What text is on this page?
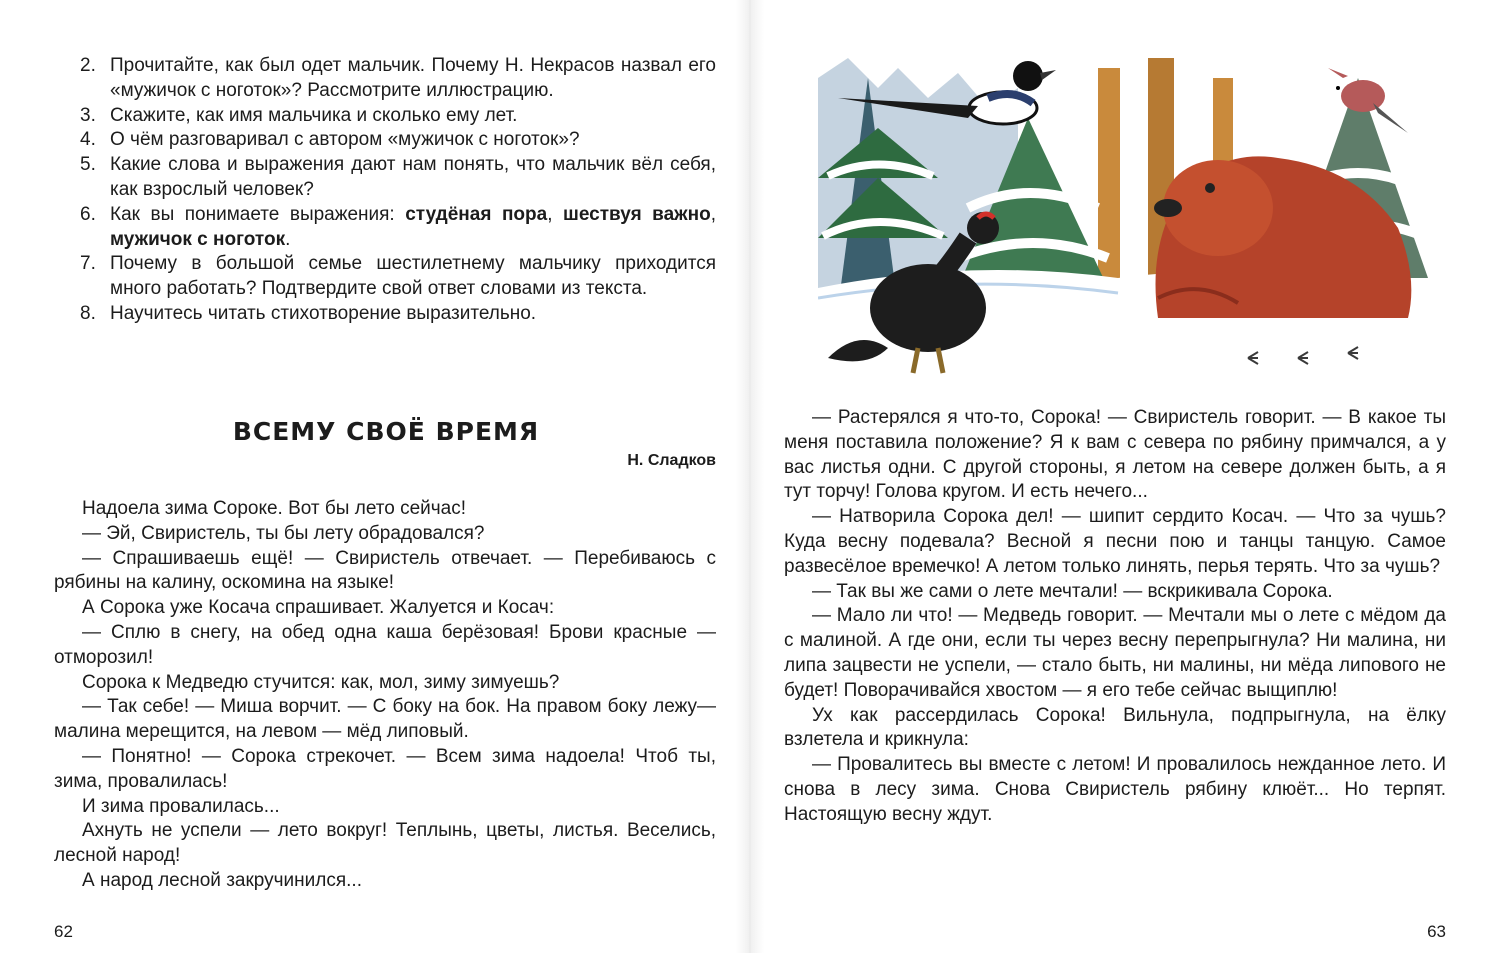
2. Прочитайте, как был одет мальчик. Почему Н. Некрасов назвал его «мужичок с ноготок»? Рассмотрите иллюстрацию.
3. Скажите, как имя мальчика и сколько ему лет.
4. О чём разговаривал с автором «мужичок с ноготок»?
5. Какие слова и выражения дают нам понять, что мальчик вёл себя, как взрослый человек?
6. Как вы понимаете выражения: студёная пора, шествуя важно, мужичок с ноготок.
7. Почему в большой семье шестилетнему мальчику приходится много работать? Подтвердите свой ответ словами из текста.
8. Научитесь читать стихотворение выразительно.
ВСЕМУ СВОЁ ВРЕМЯ
Н. Сладков

Надоела зима Сороке. Вот бы лето сейчас!

— Эй, Свиристель, ты бы лету обрадовался?

— Спрашиваешь ещё! — Свиристель отвечает. — Перебиваюсь с рябины на калину, оскомина на языке!

А Сорока уже Косача спрашивает. Жалуется и Косач:

— Сплю в снегу, на обед одна каша берёзовая! Брови красные — отморозил!

Сорока к Медведю стучится: как, мол, зиму зимуешь?

— Так себе! — Миша ворчит. — С боку на бок. На правом боку лежу—малина мерещится, на левом — мёд липовый.

— Понятно! — Сорока стрекочет. — Всем зима надоела! Чтоб ты, зима, провалилась!

И зима провалилась...

Ахнуть не успели — лето вокруг! Теплынь, цветы, листья. Веселись, лесной народ!

А народ лесной закручинился...

62

— Растерялся я что-то, Сорока! — Свиристель говорит. — В какое ты меня поставила положение? Я к вам с севера по рябину примчался, а у вас листья одни. С другой стороны, я летом на севере должен быть, а я тут торчу! Голова кругом. И есть нечего...

— Натворила Сорока дел! — шипит сердито Косач. — Что за чушь? Куда весну подевала? Весной я песни пою и танцы танцую. Самое развесёлое времечко! А летом только линять, перья терять. Что за чушь?

— Так вы же сами о лете мечтали! — вскрикивала Сорока.

— Мало ли что! — Медведь говорит. — Мечтали мы о лете с мёдом да с малиной. А где они, если ты через весну перепрыгнула? Ни малина, ни липа зацвести не успели, — стало быть, ни малины, ни мёда липового не будет! Поворачивайся хвостом — я его тебе сейчас выщиплю!

Ух как рассердилась Сорока! Вильнула, подпрыгнула, на ёлку взлетела и крикнула:

— Провалитесь вы вместе с летом! И провалилось нежданное лето. И снова в лесу зима. Снова Свиристель рябину клюёт... Но терпят. Настоящую весну ждут.

63
